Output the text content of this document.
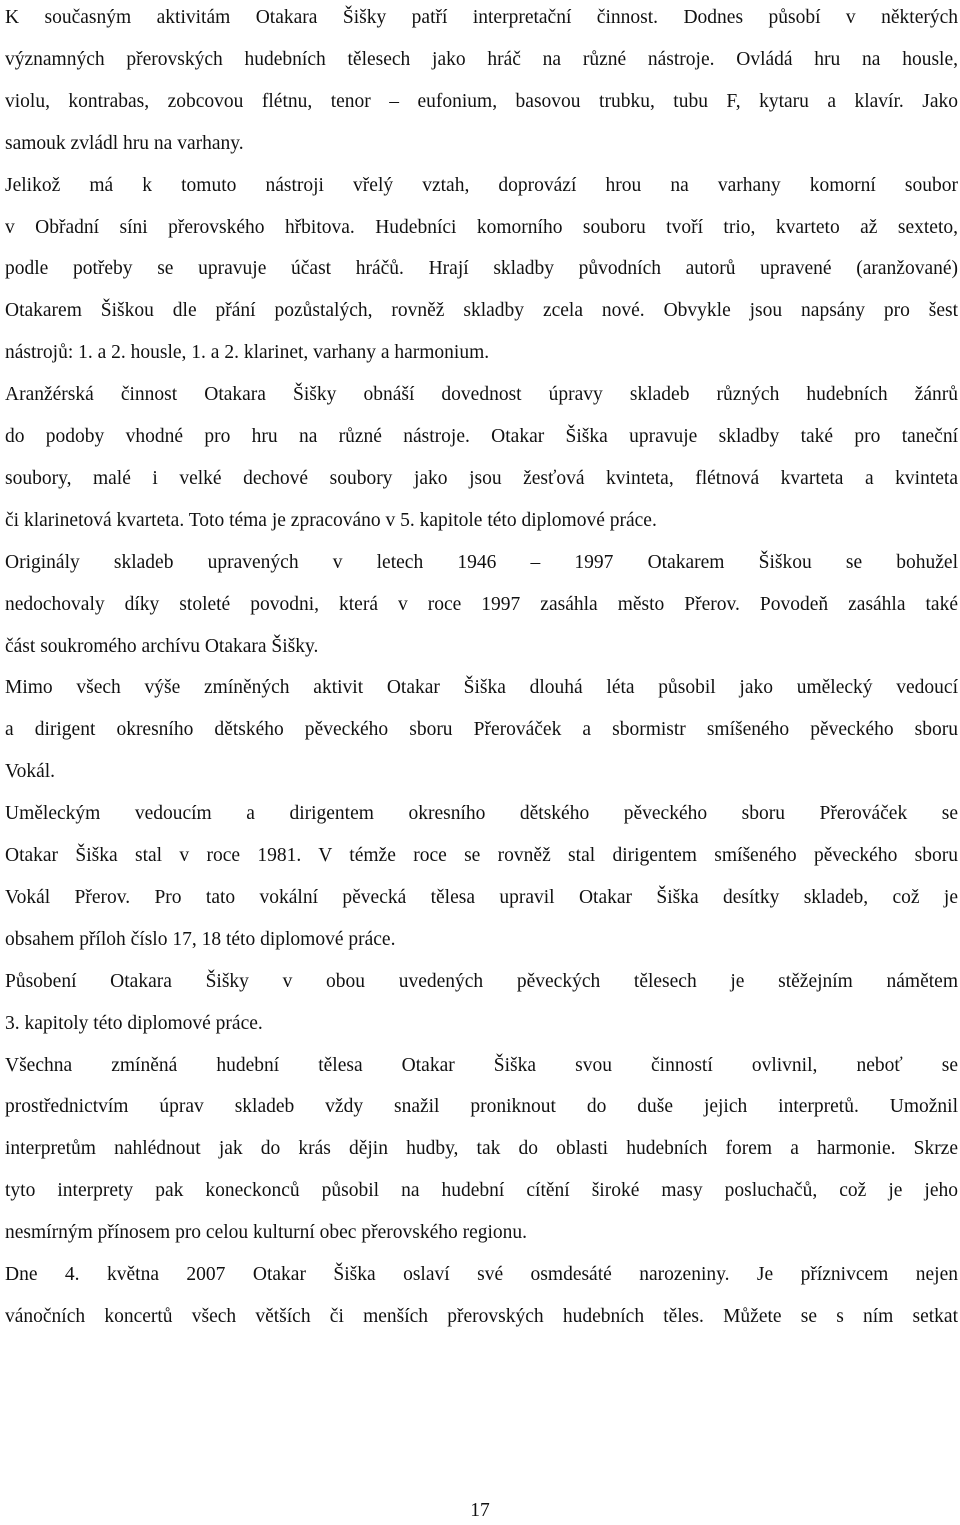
K současným aktivitám Otakara Šišky patří interpretační činnost. Dodnes působí v některých
významných přerovských hudebních tělesech jako hráč na různé nástroje. Ovládá hru na housle,
violu, kontrabas, zobcovou flétnu, tenor – eufonium, basovou trubku, tubu F, kytaru a klavír. Jako
samouk zvládl hru na varhany.
Jelikož má k tomuto nástroji vřelý vztah, doprovází hrou na varhany komorní soubor
v Obřadní síni přerovského hřbitova. Hudebníci komorního souboru tvoří trio, kvarteto až sexteto,
podle potřeby se upravuje účast hráčů. Hrají skladby původních autorů upravené (aranžované)
Otakarem Šiškou dle přání pozůstalých, rovněž skladby zcela nové. Obvykle jsou napsány pro šest
nástrojů: 1. a 2. housle, 1. a 2. klarinet, varhany a harmonium.
Aranžérská činnost Otakara Šišky obnáší dovednost úpravy skladeb různých hudebních žánrů
do podoby vhodné pro hru na různé nástroje. Otakar Šiška upravuje skladby také pro taneční
soubory, malé i velké dechové soubory jako jsou žesťová kvinteta, flétnová kvarteta a kvinteta
či klarinetová kvarteta. Toto téma je zpracováno v 5. kapitole této diplomové práce.
Originály skladeb upravených v letech 1946 – 1997 Otakarem Šiškou se bohužel
nedochovaly díky stoleté povodni, která v roce 1997 zasáhla město Přerov. Povodeň zasáhla také
část soukromého archívu Otakara Šišky.
Mimo všech výše zmíněných aktivit Otakar Šiška dlouhá léta působil jako umělecký vedoucí
a dirigent okresního dětského pěveckého sboru Přerováček a sbormistr smíšeného pěveckého sboru
Vokál.
Uměleckým vedoucím a dirigentem okresního dětského pěveckého sboru Přerováček se
Otakar Šiška stal v roce 1981. V témže roce se rovněž stal dirigentem smíšeného pěveckého sboru
Vokál Přerov. Pro tato vokální pěvecká tělesa upravil Otakar Šiška desítky skladeb, což je
obsahem příloh číslo 17, 18 této diplomové práce.
Působení Otakara Šišky v obou uvedených pěveckých tělesech je stěžejním námětem
3. kapitoly této diplomové práce.
Všechna zmíněná hudební tělesa Otakar Šiška svou činností ovlivnil, neboť se
prostřednictvím úprav skladeb vždy snažil proniknout do duše jejich interpretů. Umožnil
interpretům nahlédnout jak do krás dějin hudby, tak do oblasti hudebních forem a harmonie. Skrze
tyto interprety pak koneckonců působil na hudební cítění široké masy posluchačů, což je jeho
nesmírným přínosem pro celou kulturní obec přerovského regionu.
Dne 4. května 2007 Otakar Šiška oslaví své osmdesáté narozeniny. Je příznivcem nejen
vánočních koncertů všech větších či menších přerovských hudebních těles. Můžete se s ním setkat
17
